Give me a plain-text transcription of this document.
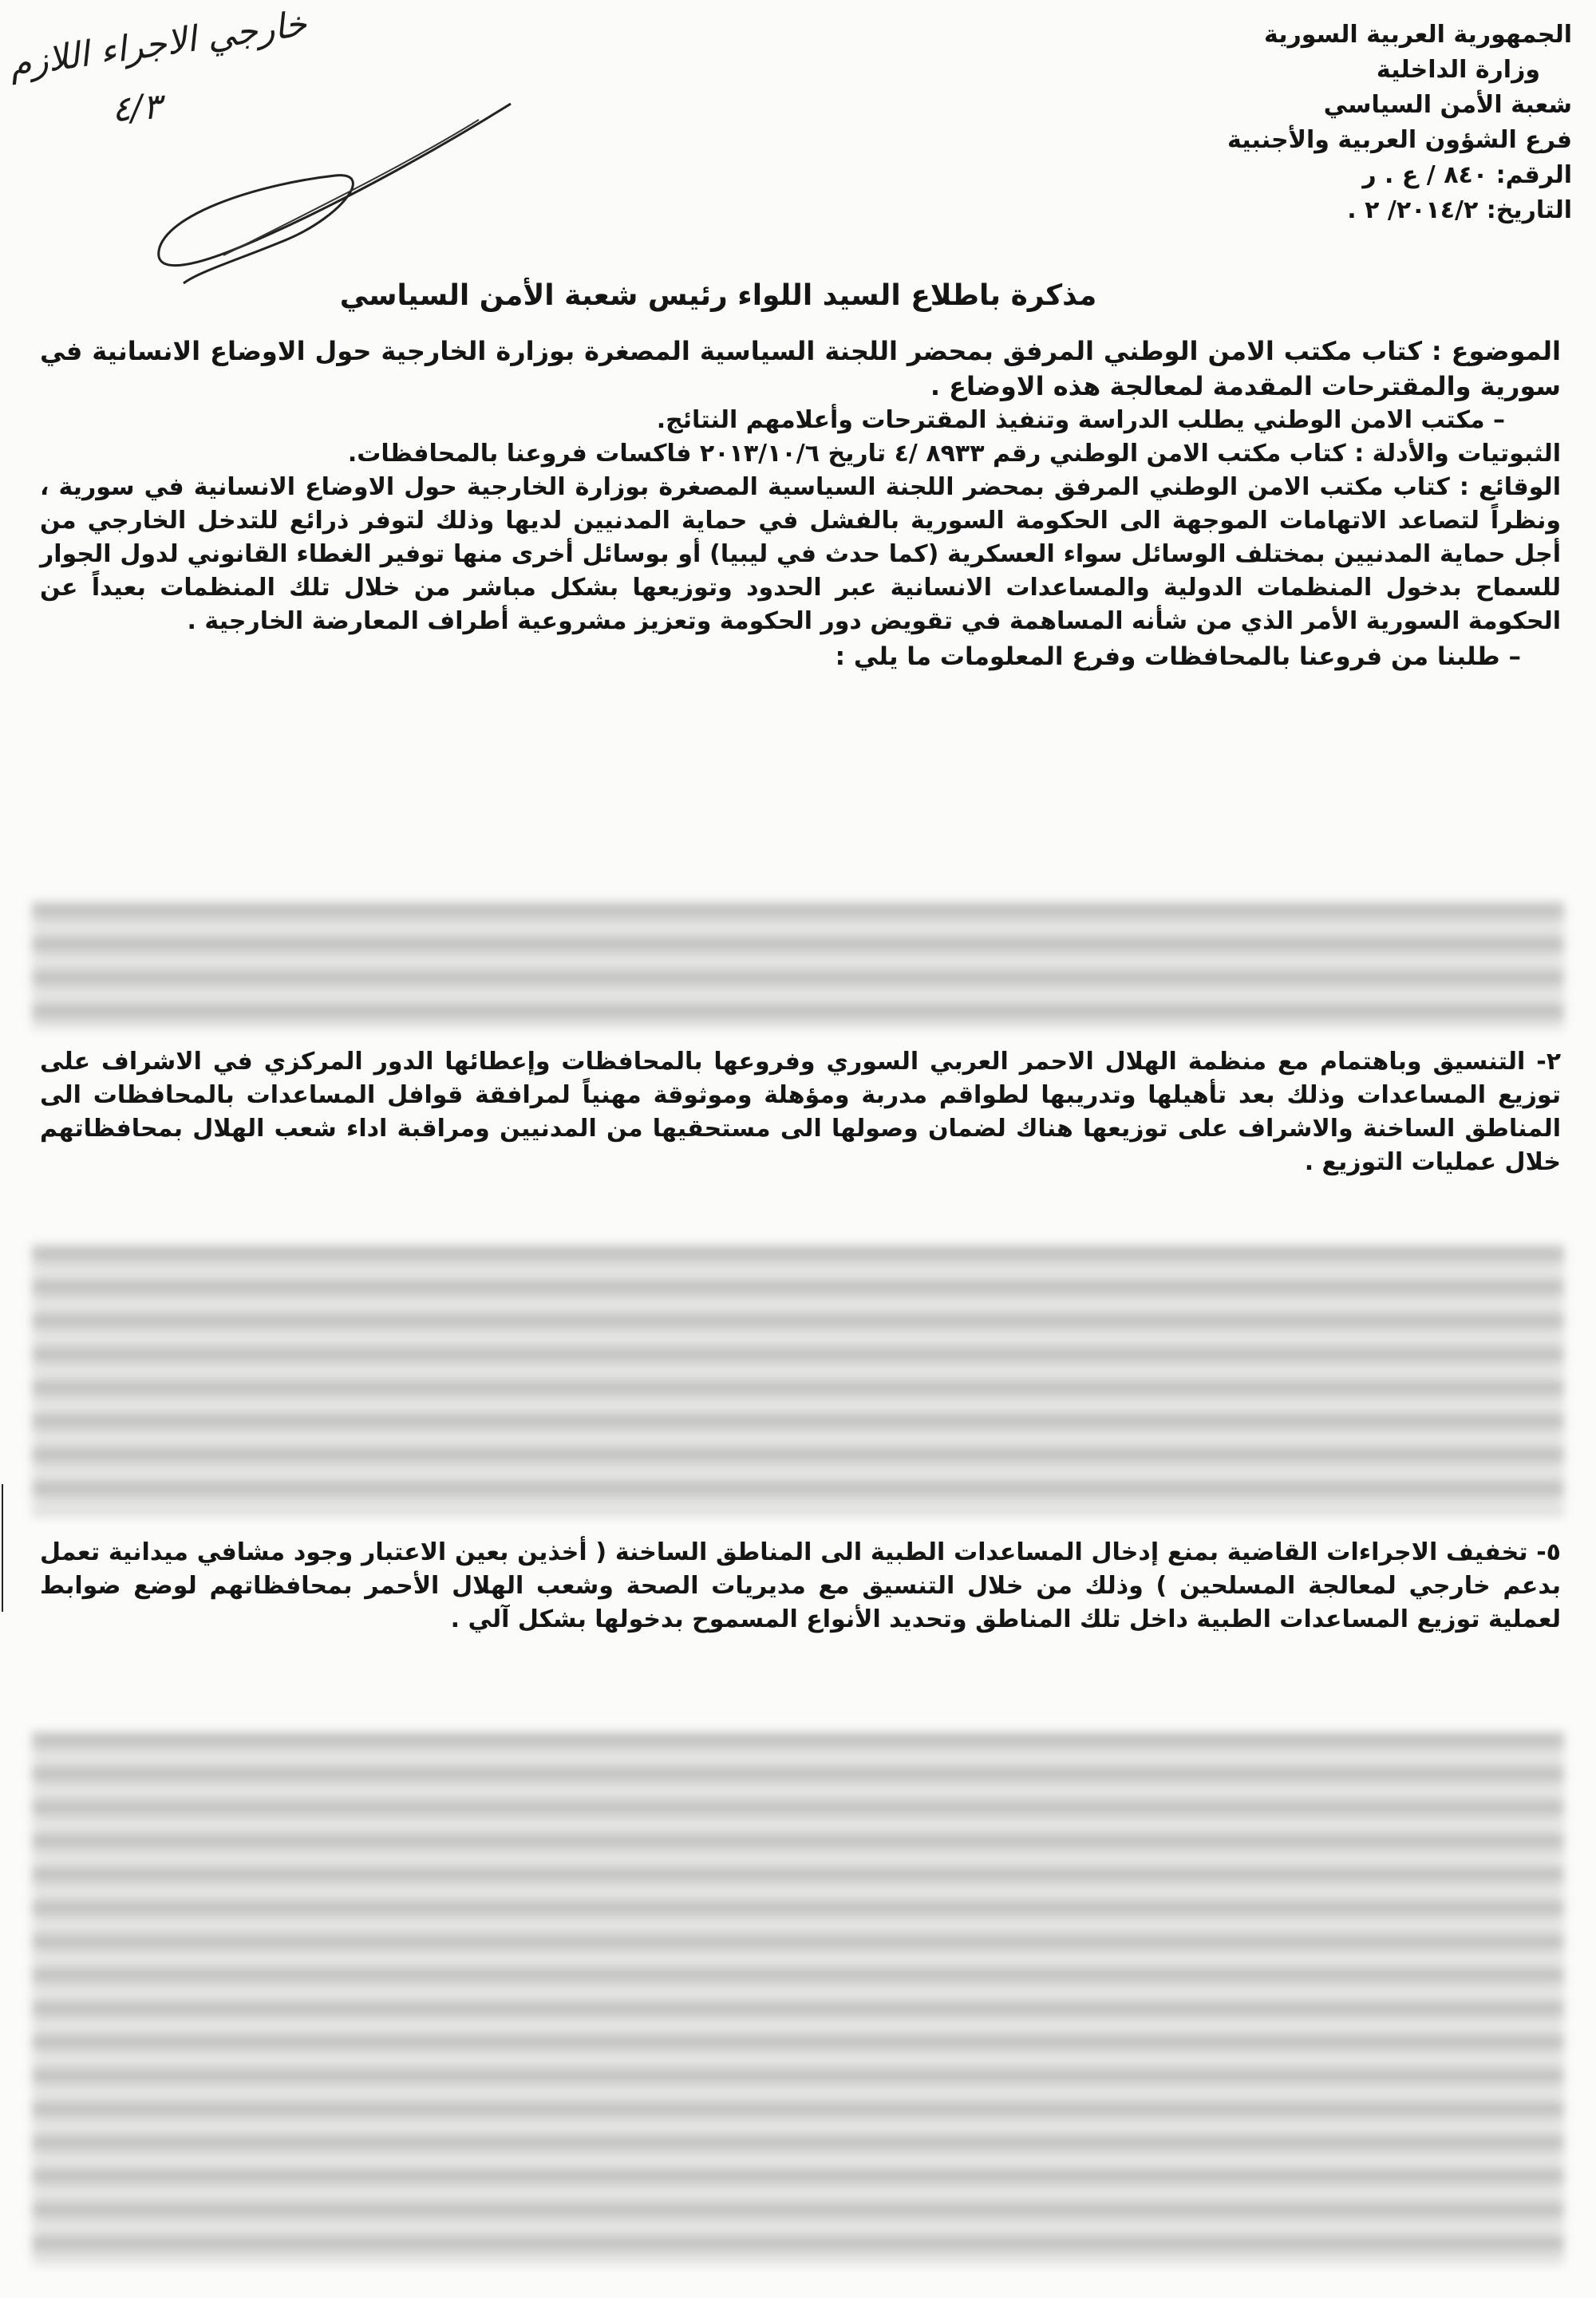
خارجي الاجراء اللازم
٤/٣
الجمهورية العربية السورية
وزارة الداخلية
شعبة الأمن السياسي
فرع الشؤون العربية والأجنبية
الرقم: ٨٤٠ / ع . ر
التاريخ: ٢٠١٤/٢/ ٢ .
مذكرة باطلاع السيد اللواء رئيس شعبة الأمن السياسي

الموضوع : كتاب مكتب الامن الوطني المرفق بمحضر اللجنة السياسية المصغرة بوزارة الخارجية حول الاوضاع الانسانية في سورية والمقترحات المقدمة لمعالجة هذه الاوضاع .

– مكتب الامن الوطني يطلب الدراسة وتنفيذ المقترحات وأعلامهم النتائج.

الثبوتيات والأدلة : كتاب مكتب الامن الوطني رقم ٨٩٣٣ /٤ تاريخ ٢٠١٣/١٠/٦ فاكسات فروعنا بالمحافظات.

الوقائع : كتاب مكتب الامن الوطني المرفق بمحضر اللجنة السياسية المصغرة بوزارة الخارجية حول الاوضاع الانسانية في سورية ، ونظراً لتصاعد الاتهامات الموجهة الى الحكومة السورية بالفشل في حماية المدنيين لديها وذلك لتوفر ذرائع للتدخل الخارجي من أجل حماية المدنيين بمختلف الوسائل سواء العسكرية (كما حدث في ليبيا) أو بوسائل أخرى منها توفير الغطاء القانوني لدول الجوار للسماح بدخول المنظمات الدولية والمساعدات الانسانية عبر الحدود وتوزيعها بشكل مباشر من خلال تلك المنظمات بعيداً عن الحكومة السورية الأمر الذي من شأنه المساهمة في تقويض دور الحكومة وتعزيز مشروعية أطراف المعارضة الخارجية .

– طلبنا من فروعنا بالمحافظات وفرع المعلومات ما يلي :

٢- التنسيق وباهتمام مع منظمة الهلال الاحمر العربي السوري وفروعها بالمحافظات وإعطائها الدور المركزي في الاشراف على توزيع المساعدات وذلك بعد تأهيلها وتدريبها لطواقم مدربة ومؤهلة وموثوقة مهنياً لمرافقة قوافل المساعدات بالمحافظات الى المناطق الساخنة والاشراف على توزيعها هناك لضمان وصولها الى مستحقيها من المدنيين ومراقبة اداء شعب الهلال بمحافظاتهم خلال عمليات التوزيع .
٥- تخفيف الاجراءات القاضية بمنع إدخال المساعدات الطبية الى المناطق الساخنة ( أخذين بعين الاعتبار وجود مشافي ميدانية تعمل بدعم خارجي لمعالجة المسلحين ) وذلك من خلال التنسيق مع مديريات الصحة وشعب الهلال الأحمر بمحافظاتهم لوضع ضوابط لعملية توزيع المساعدات الطبية داخل تلك المناطق وتحديد الأنواع المسموح بدخولها بشكل آلي .
